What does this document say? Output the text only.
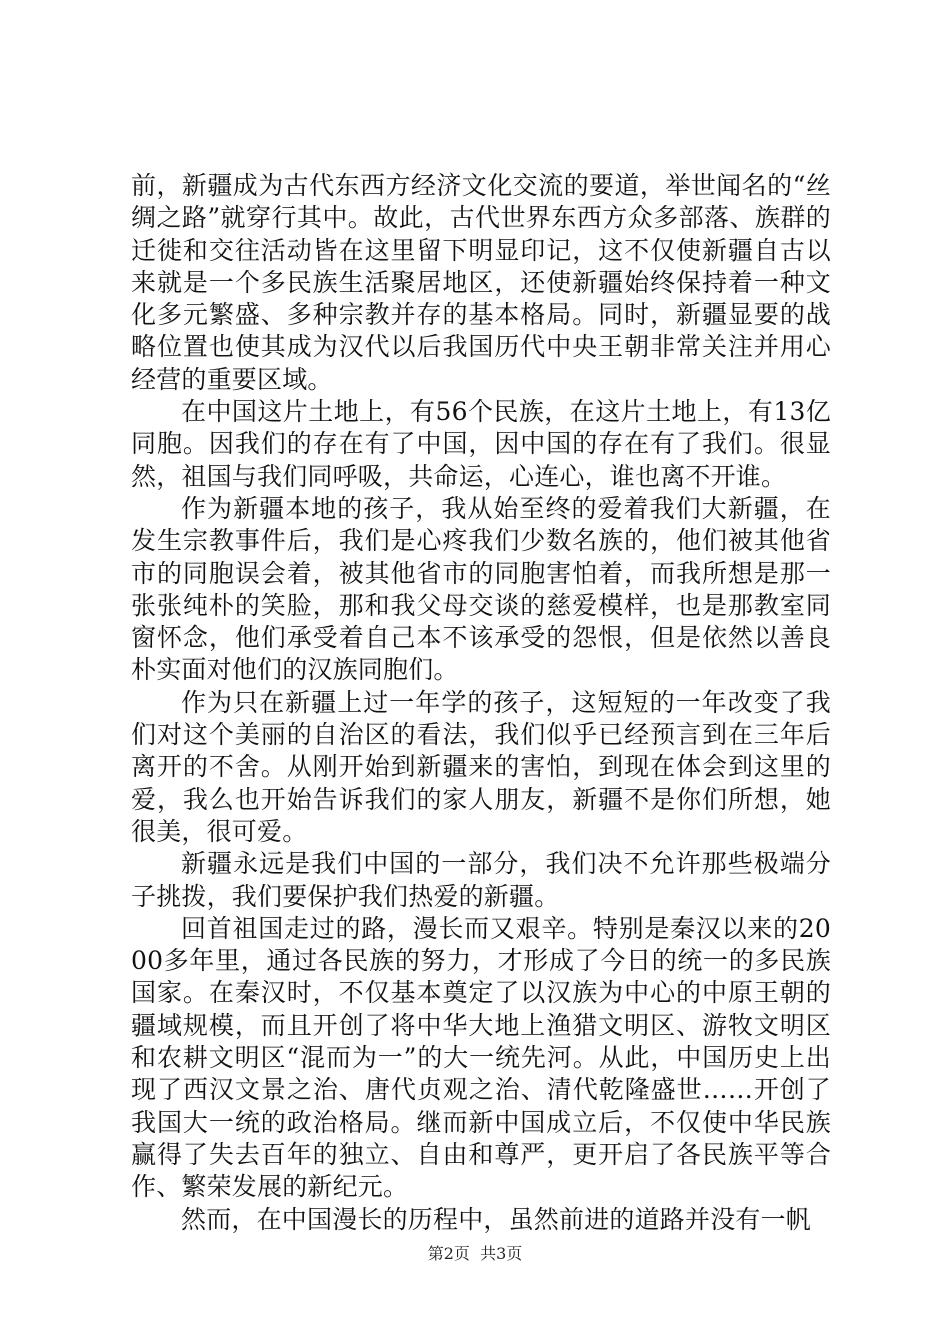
前，新疆成为古代东西方经济文化交流的要道，举世闻名的“丝绸之路”就穿行其中。故此，古代世界东西方众多部落、族群的迁徙和交往活动皆在这里留下明显印记，这不仅使新疆自古以来就是一个多民族生活聚居地区，还使新疆始终保持着一种文化多元繁盛、多种宗教并存的基本格局。同时，新疆显要的战略位置也使其成为汉代以后我国历代中央王朝非常关注并用心经营的重要区域。

在中国这片土地上，有56个民族，在这片土地上，有13亿同胞。因我们的存在有了中国，因中国的存在有了我们。很显然，祖国与我们同呼吸，共命运，心连心，谁也离不开谁。

作为新疆本地的孩子，我从始至终的爱着我们大新疆，在发生宗教事件后，我们是心疼我们少数名族的，他们被其他省市的同胞误会着，被其他省市的同胞害怕着，而我所想是那一张张纯朴的笑脸，那和我父母交谈的慈爱模样，也是那教室同窗怀念，他们承受着自己本不该承受的怨恨，但是依然以善良朴实面对他们的汉族同胞们。

作为只在新疆上过一年学的孩子，这短短的一年改变了我们对这个美丽的自治区的看法，我们似乎已经预言到在三年后离开的不舍。从刚开始到新疆来的害怕，到现在体会到这里的爱，我么也开始告诉我们的家人朋友，新疆不是你们所想，她很美，很可爱。

新疆永远是我们中国的一部分，我们决不允许那些极端分子挑拨，我们要保护我们热爱的新疆。

回首祖国走过的路，漫长而又艰辛。特别是秦汉以来的2000多年里，通过各民族的努力，才形成了今日的统一的多民族国家。在秦汉时，不仅基本奠定了以汉族为中心的中原王朝的疆域规模，而且开创了将中华大地上渔猎文明区、游牧文明区和农耕文明区“混而为一”的大一统先河。从此，中国历史上出现了西汉文景之治、唐代贞观之治、清代乾隆盛世……开创了我国大一统的政治格局。继而新中国成立后，不仅使中华民族赢得了失去百年的独立、自由和尊严，更开启了各民族平等合作、繁荣发展的新纪元。

然而，在中国漫长的历程中，虽然前进的道路并没有一帆

第2页  共3页
